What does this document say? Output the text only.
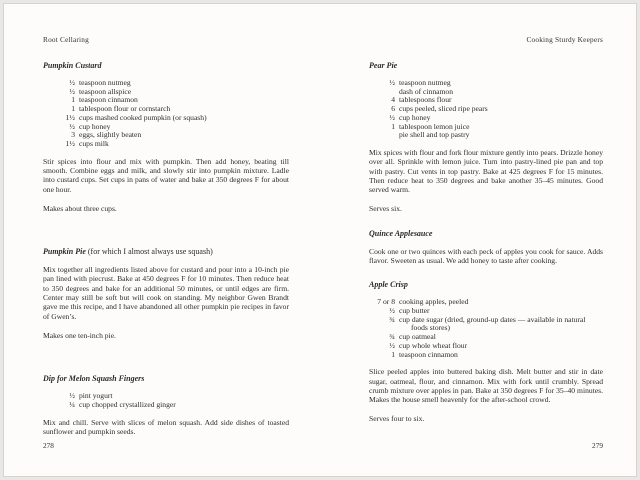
Root Cellaring
Pumpkin Custard
½ teaspoon nutmeg
½ teaspoon allspice
1 teaspoon cinnamon
1 tablespoon flour or cornstarch
1½ cups mashed cooked pumpkin (or squash)
½ cup honey
3 eggs, slightly beaten
1½ cups milk
Stir spices into flour and mix with pumpkin. Then add honey, beating till smooth. Combine eggs and milk, and slowly stir into pumpkin mixture. Ladle into custard cups. Set cups in pans of water and bake at 350 degrees F for about one hour.
Makes about three cups.
Pumpkin Pie (for which I almost always use squash)
Mix together all ingredients listed above for custard and pour into a 10-inch pie pan lined with piecrust. Bake at 450 degrees F for 10 minutes. Then reduce heat to 350 degrees and bake for an additional 50 minutes, or until edges are firm. Center may still be soft but will cook on standing. My neighbor Gwen Brandt gave me this recipe, and I have abandoned all other pumpkin pie recipes in favor of Gwen’s.
Makes one ten-inch pie.
Dip for Melon Squash Fingers
½ pint yogurt
¼ cup chopped crystallized ginger
Mix and chill. Serve with slices of melon squash. Add side dishes of toasted sunflower and pumpkin seeds.
Cooking Sturdy Keepers
Pear Pie
½ teaspoon nutmeg
dash of cinnamon
4 tablespoons flour
6 cups peeled, sliced ripe pears
½ cup honey
1 tablespoon lemon juice
pie shell and top pastry
Mix spices with flour and fork flour mixture gently into pears. Drizzle honey over all. Sprinkle with lemon juice. Turn into pastry-lined pie pan and top with pastry. Cut vents in top pastry. Bake at 425 degrees F for 15 minutes. Then reduce heat to 350 degrees and bake another 35–45 minutes. Good served warm.
Serves six.
Quince Applesauce
Cook one or two quinces with each peck of apples you cook for sauce. Adds flavor. Sweeten as usual. We add honey to taste after cooking.
Apple Crisp
7 or 8 cooking apples, peeled
½ cup butter
¾ cup date sugar (dried, ground-up dates — available in natural foods stores)
¾ cup oatmeal
½ cup whole wheat flour
1 teaspoon cinnamon
Slice peeled apples into buttered baking dish. Melt butter and stir in date sugar, oatmeal, flour, and cinnamon. Mix with fork until crumbly. Spread crumb mixture over apples in pan. Bake at 350 degrees F for 35–40 minutes. Makes the house smell heavenly for the after-school crowd.
Serves four to six.
278	279
